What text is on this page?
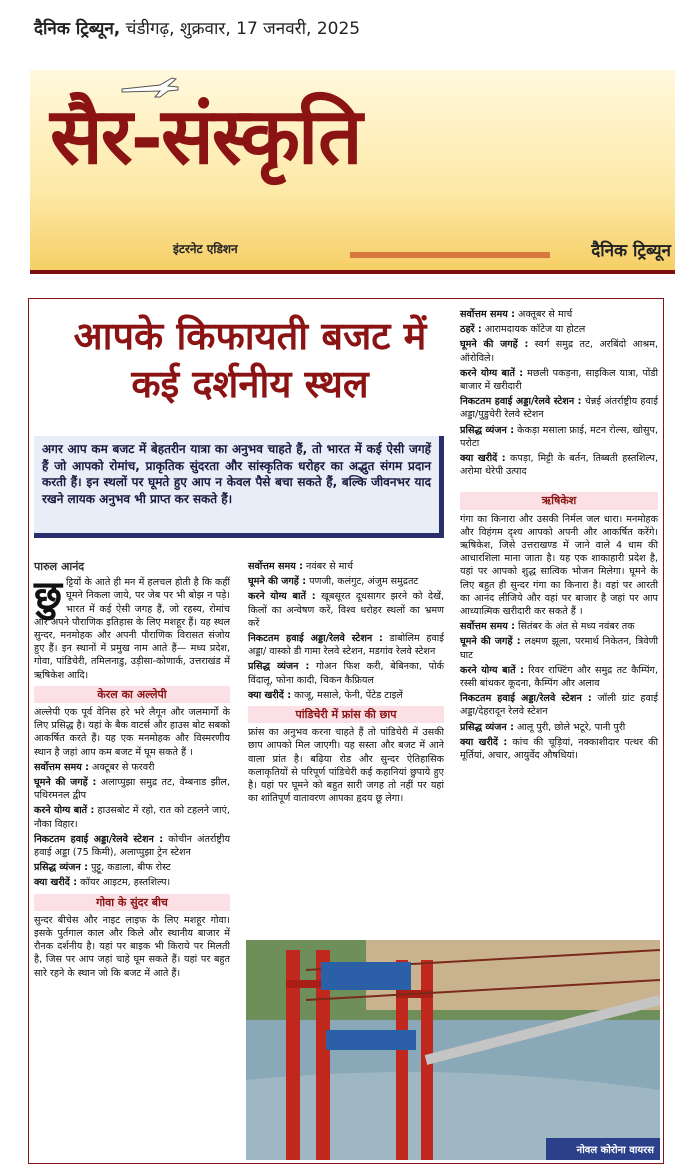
दैनिक ट्रिब्यून, चंडीगढ़, शुक्रवार, 17 जनवरी, 2025
सैर-संस्कृति
इंटरनेट एडिशन	दैनिक ट्रिब्यून
आपके किफायती बजट में
कई दर्शनीय स्थल
अगर आप कम बजट में बेहतरीन यात्रा का अनुभव चाहते हैं, तो भारत में कई ऐसी जगहें हैं जो आपको रोमांच, प्राकृतिक सुंदरता और सांस्कृतिक धरोहर का अद्भुत संगम प्रदान करती हैं। इन स्थलों पर घूमते हुए आप न केवल पैसे बचा सकते हैं, बल्कि जीवनभर याद रखने लायक अनुभव भी प्राप्त कर सकते हैं।
पारुल आनंद

छुट्टियों के आते ही मन में हलचल होती है कि कहीं घूमने निकला जाये, पर जेब पर भी बोझ न पड़े। भारत में कई ऐसी जगह हैं, जो रहस्य, रोमांच और अपने पौराणिक इतिहास के लिए मशहूर हैं। यह स्थल सुन्दर, मनमोहक और अपनी पौराणिक विरासत संजोय हुए हैं। इन स्थानों में प्रमुख नाम आते हैं— मध्य प्रदेश, गोवा, पांडिचेरी, तमिलनाडु, उड़ीसा-कोणार्क, उत्तराखंड में ऋषिकेश आदि।

केरल का अल्लेपी

अल्लेपी एक पूर्व वेनिस हरे भरे लैगून और जलमार्गों के लिए प्रसिद्ध है। यहां के बैक वाटर्स और हाउस बोट सबको आकर्षित करते हैं। यह एक मनमोहक और विस्मरणीय स्थान है जहां आप कम बजट में घूम सकते हैं ।

सर्वोत्तम समय : अक्टूबर से फरवरी

घूमने की जगहें : अलाप्पुझा समुद्र तट, वेम्बनाड झील, पथिरमनल द्वीप

करने योग्य बातें : हाउसबोट में रहो, रात को टहलने जाएं, नौका विहार।

निकटतम हवाई अड्डा/रेलवे स्टेशन : कोचीन अंतर्राष्ट्रीय हवाई अड्डा (75 किमी), अलाप्पुझा ट्रेन स्टेशन

प्रसिद्ध व्यंजन : पुट्टू, कडाला, बीफ रोस्ट

क्या खरीदें : कॉयर आइटम, हस्तशिल्प।

गोवा के सुंदर बीच

सुन्दर बीचेस और नाइट लाइफ के लिए मशहूर गोवा। इसके पुर्तगाल काल और किले और स्थानीय बाजार में रौनक दर्शनीय है। यहां पर बाइक भी किराये पर मिलती है, जिस पर आप जहां चाहे घूम सकते हैं। यहां पर बहुत सारे रहने के स्थान जो कि बजट में आते हैं।

सर्वोत्तम समय : नवंबर से मार्च

घूमने की जगहें : पणजी, कलंगुट, अंजुम समुद्रतट

करने योग्य बातें : खूबसूरत दूधसागर झरने को देखें, किलों का अन्वेषण करें, विश्व धरोहर स्थलों का भ्रमण करें

निकटतम हवाई अड्डा/रेलवे स्टेशन : डाबोलिम हवाई अड्डा/ वास्को डी गामा रेलवे स्टेशन, मडगांव रेलवे स्टेशन

प्रसिद्ध व्यंजन : गोअन फिश करी, बेबिनका, पोर्क विंदालू, फोना कादी, चिकन कैफ्रियल

क्या खरीदें : काजू, मसाले, फेनी, पेंटेड टाइलें

पांडिचेरी में फ्रांस की छाप

फ्रांस का अनुभव करना चाहते हैं तो पांडिचेरी में उसकी छाप आपको मिल जाएगी। यह सस्ता और बजट में आने वाला प्रांत है। बढ़िया रोड और सुन्दर ऐतिहासिक कलाकृतियों से परिपूर्ण पांडिचेरी कई कहानियां छुपाये हुए है। यहां पर घूमने को बहुत सारी जगह तो नहीं पर यहां का शांतिपूर्ण वातावरण आपका हृदय छू लेगा।

सर्वोत्तम समय : अक्तूबर से मार्च

ठहरें : आरामदायक कॉटेज या होटल

घूमने की जगहें : स्वर्ग समुद्र तट, अरबिंदो आश्रम, ऑरोविले।

करने योग्य बातें : मछली पकड़ना, साइकिल यात्रा, पोंडी बाजार में खरीदारी

निकटतम हवाई अड्डा/रेलवे स्टेशन : चेन्नई अंतर्राष्ट्रीय हवाई अड्डा/पुडुचेरी रेलवे स्टेशन

प्रसिद्ध व्यंजन : केकड़ा मसाला फ्राई, मटन रोल्स, खोसुप, परोटा

क्या खरीदें : कपड़ा, मिट्टी के बर्तन, तिब्बती हस्तशिल्प, अरोमा थेरेपी उत्पाद

ऋषिकेश

गंगा का किनारा और उसकी निर्मल जल धारा। मनमोहक और विहंगम दृश्य आपको अपनी और आकर्षित करेंगे। ऋषिकेश, जिसे उत्तराखण्ड में जाने वाले 4 धाम की आधारशिला माना जाता है। यह एक शाकाहारी प्रदेश है, यहां पर आपको शुद्ध सात्विक भोजन मिलेगा। घूमने के लिए बहुत ही सुन्दर गंगा का किनारा है। वहां पर आरती का आनंद लीजिये और वहां पर बाजार है जहां पर आप आध्यात्मिक खरीदारी कर सकते हैं ।

सर्वोत्तम समय : सितंबर के अंत से मध्य नवंबर तक

घूमने की जगहें : लक्ष्मण झूला, परमार्थ निकेतन, त्रिवेणी घाट

करने योग्य बातें : रिवर राफ्टिंग और समुद्र तट कैम्पिंग, रस्सी बांधकर कूदना, कैम्पिंग और अलाव

निकटतम हवाई अड्डा/रेलवे स्टेशन : जॉली ग्रांट हवाई अड्डा/देहरादून रेलवे स्टेशन

प्रसिद्ध व्यंजन : आलू पुरी, छोले भटूरे, पानी पुरी

क्या खरीदें : कांच की चूड़ियां, नक्काशीदार पत्थर की मूर्तियां, अचार, आयुर्वेद औषधियां।

नोवल कोरोना वायरस
